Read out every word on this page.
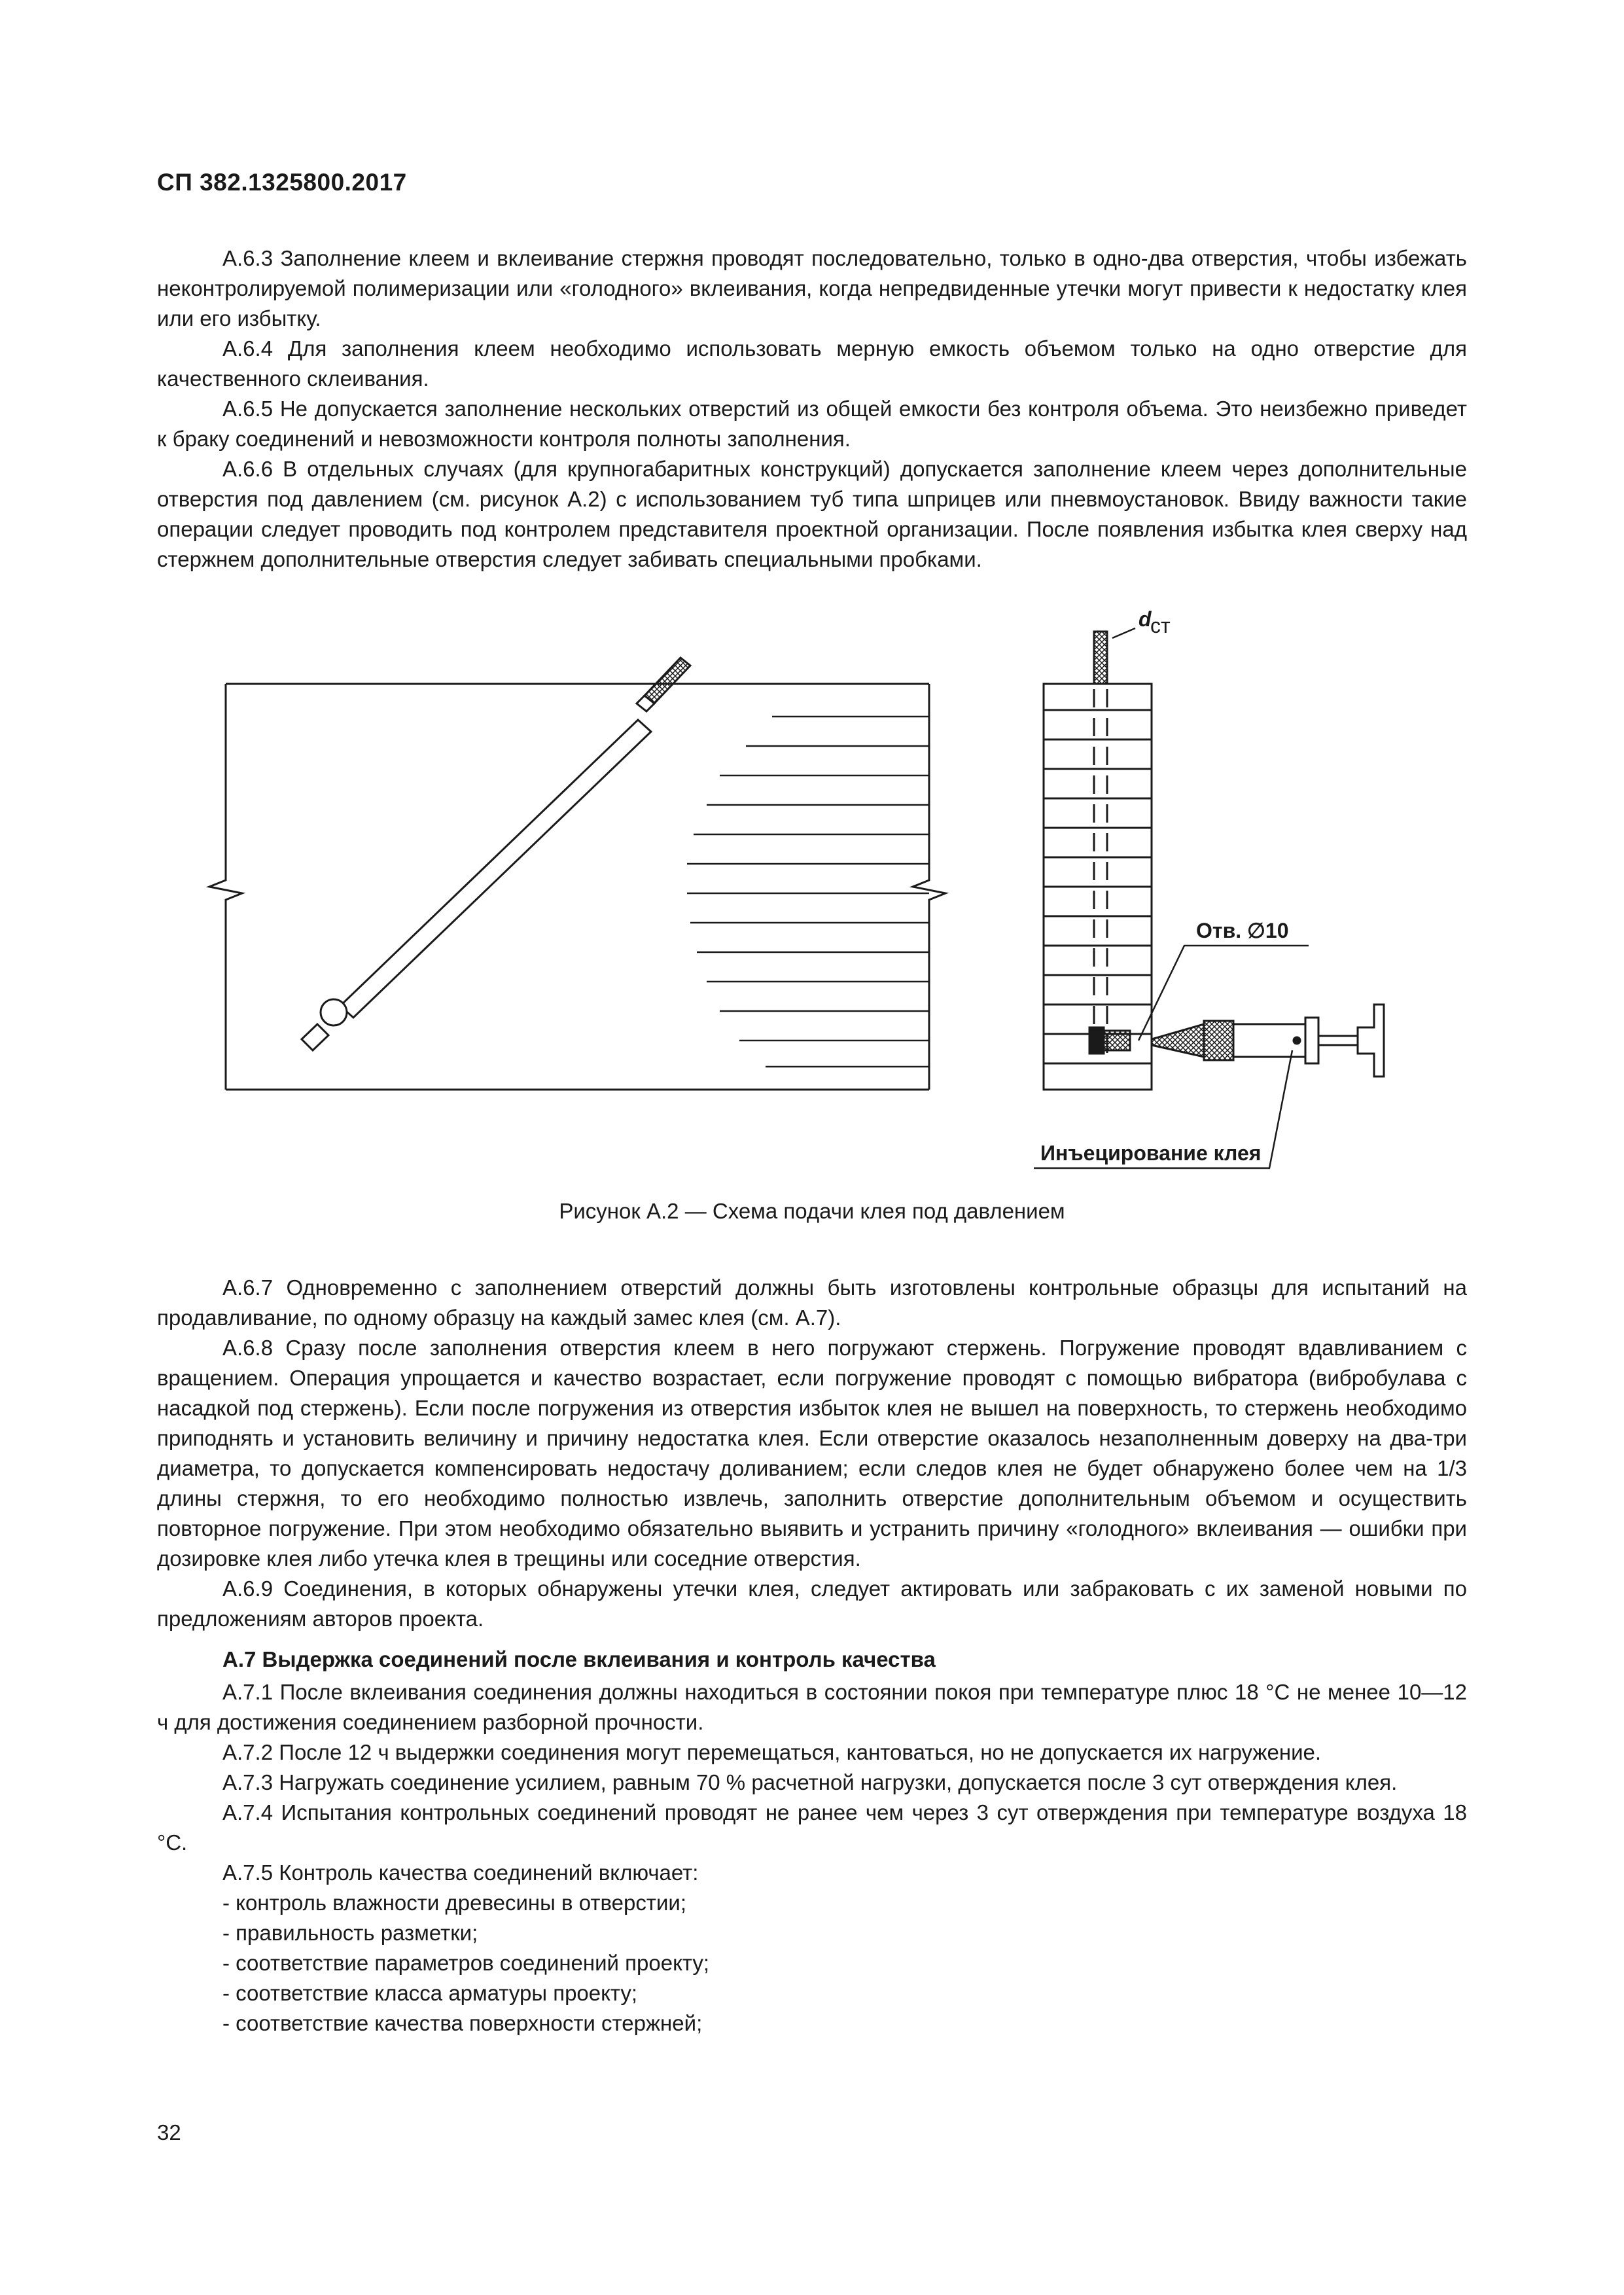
СП 382.1325800.2017

А.6.3 Заполнение клеем и вклеивание стержня проводят последовательно, только в одно-два отверстия, чтобы избежать неконтролируемой полимеризации или «голодного» вклеивания, когда непредвиденные утечки могут привести к недостатку клея или его избытку.

А.6.4 Для заполнения клеем необходимо использовать мерную емкость объемом только на одно отверстие для качественного склеивания.

А.6.5 Не допускается заполнение нескольких отверстий из общей емкости без контроля объема. Это неизбежно приведет к браку соединений и невозможности контроля полноты заполнения.

А.6.6 В отдельных случаях (для крупногабаритных конструкций) допускается заполнение клеем через дополнительные отверстия под давлением (см. рисунок А.2) с использованием туб типа шприцев или пневмоустановок. Ввиду важности такие операции следует проводить под контролем представителя проектной организации. После появления избытка клея сверху над стержнем дополнительные отверстия следует забивать специальными пробками.

d
ст
Отв. ∅10
Инъецирование клея
Рисунок А.2 — Схема подачи клея под давлением

А.6.7 Одновременно с заполнением отверстий должны быть изготовлены контрольные образцы для испытаний на продавливание, по одному образцу на каждый замес клея (см. А.7).

А.6.8 Сразу после заполнения отверстия клеем в него погружают стержень. Погружение проводят вдавливанием с вращением. Операция упрощается и качество возрастает, если погружение проводят с помощью вибратора (вибробулава с насадкой под стержень). Если после погружения из отверстия избыток клея не вышел на поверхность, то стержень необходимо приподнять и установить величину и причину недостатка клея. Если отверстие оказалось незаполненным доверху на два-три диаметра, то допускается компенсировать недостачу доливанием; если следов клея не будет обнаружено более чем на 1/3 длины стержня, то его необходимо полностью извлечь, заполнить отверстие дополнительным объемом и осуществить повторное погружение. При этом необходимо обязательно выявить и устранить причину «голодного» вклеивания — ошибки при дозировке клея либо утечка клея в трещины или соседние отверстия.

А.6.9 Соединения, в которых обнаружены утечки клея, следует актировать или забраковать с их заменой новыми по предложениям авторов проекта.

А.7 Выдержка соединений после вклеивания и контроль качества

А.7.1 После вклеивания соединения должны находиться в состоянии покоя при температуре плюс 18 °С не менее 10—12 ч для достижения соединением разборной прочности.

А.7.2 После 12 ч выдержки соединения могут перемещаться, кантоваться, но не допускается их нагружение.

А.7.3 Нагружать соединение усилием, равным 70 % расчетной нагрузки, допускается после 3 сут отверждения клея.

А.7.4 Испытания контрольных соединений проводят не ранее чем через 3 сут отверждения при температуре воздуха 18 °С.

А.7.5 Контроль качества соединений включает:

- контроль влажности древесины в отверстии;

- правильность разметки;

- соответствие параметров соединений проекту;

- соответствие класса арматуры проекту;

- соответствие качества поверхности стержней;

32
